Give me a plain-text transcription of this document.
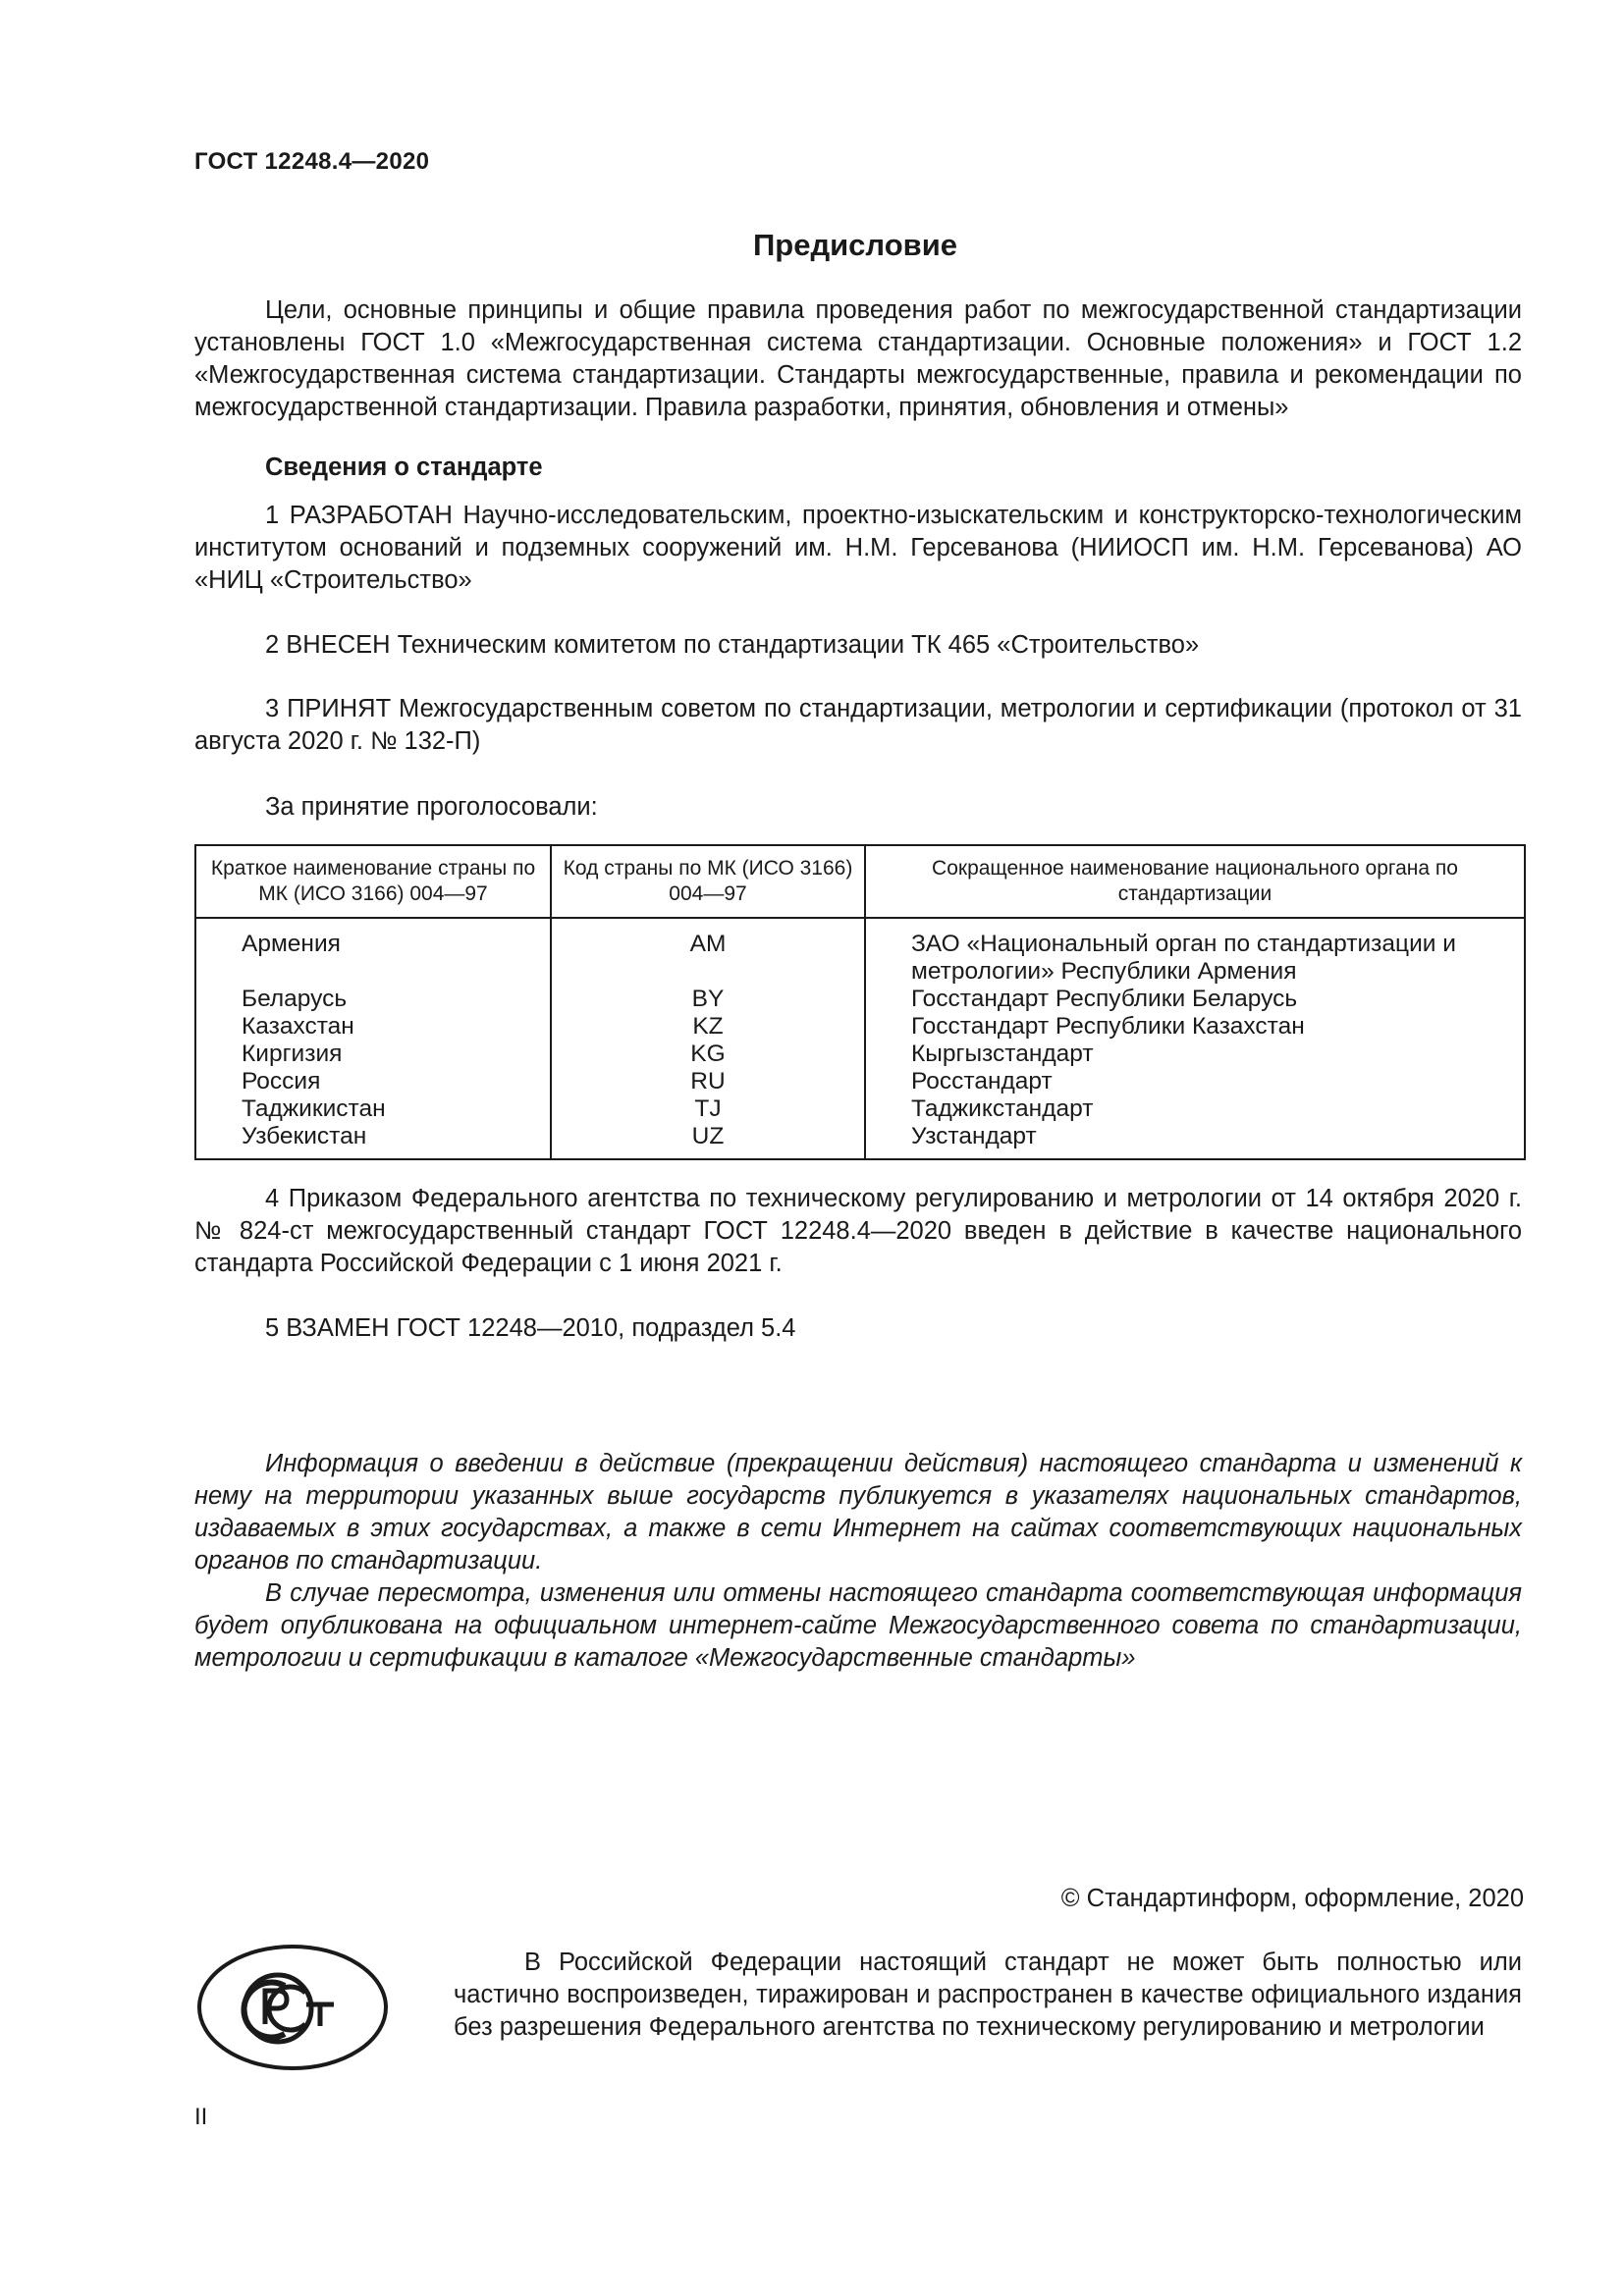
ГОСТ 12248.4—2020
Предисловие

Цели, основные принципы и общие правила проведения работ по межгосударственной стандартизации установлены ГОСТ 1.0 «Межгосударственная система стандартизации. Основные положения» и ГОСТ 1.2 «Межгосударственная система стандартизации. Стандарты межгосударственные, правила и рекомендации по межгосударственной стандартизации. Правила разработки, принятия, обновления и отмены»

Сведения о стандарте

1 РАЗРАБОТАН Научно-исследовательским, проектно-изыскательским и конструкторско-технологическим институтом оснований и подземных сооружений им. Н.М. Герсеванова (НИИОСП им. Н.М. Герсеванова) АО «НИЦ «Строительство»

2 ВНЕСЕН Техническим комитетом по стандартизации ТК 465 «Строительство»

3 ПРИНЯТ Межгосударственным советом по стандартизации, метрологии и сертификации (протокол от 31 августа 2020 г. № 132-П)

За принятие проголосовали:

Краткое наименование страны по МК (ИСО 3166) 004—97	Код страны по МК (ИСО 3166) 004—97	Сокращенное наименование национального органа по стандартизации
Армения	AM	ЗАО «Национальный орган по стандартизации и метрологии» Республики Армения
Беларусь	BY	Госстандарт Республики Беларусь
Казахстан	KZ	Госстандарт Республики Казахстан
Киргизия	KG	Кыргызстандарт
Россия	RU	Росстандарт
Таджикистан	TJ	Таджикстандарт
Узбекистан	UZ	Узстандарт

4 Приказом Федерального агентства по техническому регулированию и метрологии от 14 октября 2020 г. № 824-ст межгосударственный стандарт ГОСТ 12248.4—2020 введен в действие в качестве национального стандарта Российской Федерации с 1 июня 2021 г.

5 ВЗАМЕН ГОСТ 12248—2010, подраздел 5.4

Информация о введении в действие (прекращении действия) настоящего стандарта и изменений к нему на территории указанных выше государств публикуется в указателях национальных стандартов, издаваемых в этих государствах, а также в сети Интернет на сайтах соответствующих национальных органов по стандартизации.

В случае пересмотра, изменения или отмены настоящего стандарта соответствующая информация будет опубликована на официальном интернет-сайте Межгосударственного совета по стандартизации, метрологии и сертификации в каталоге «Межгосударственные стандарты»

© Стандартинформ, оформление, 2020

В Российской Федерации настоящий стандарт не может быть полностью или частично воспроизведен, тиражирован и распространен в качестве официального издания без разрешения Федерального агентства по техническому регулированию и метрологии

II
